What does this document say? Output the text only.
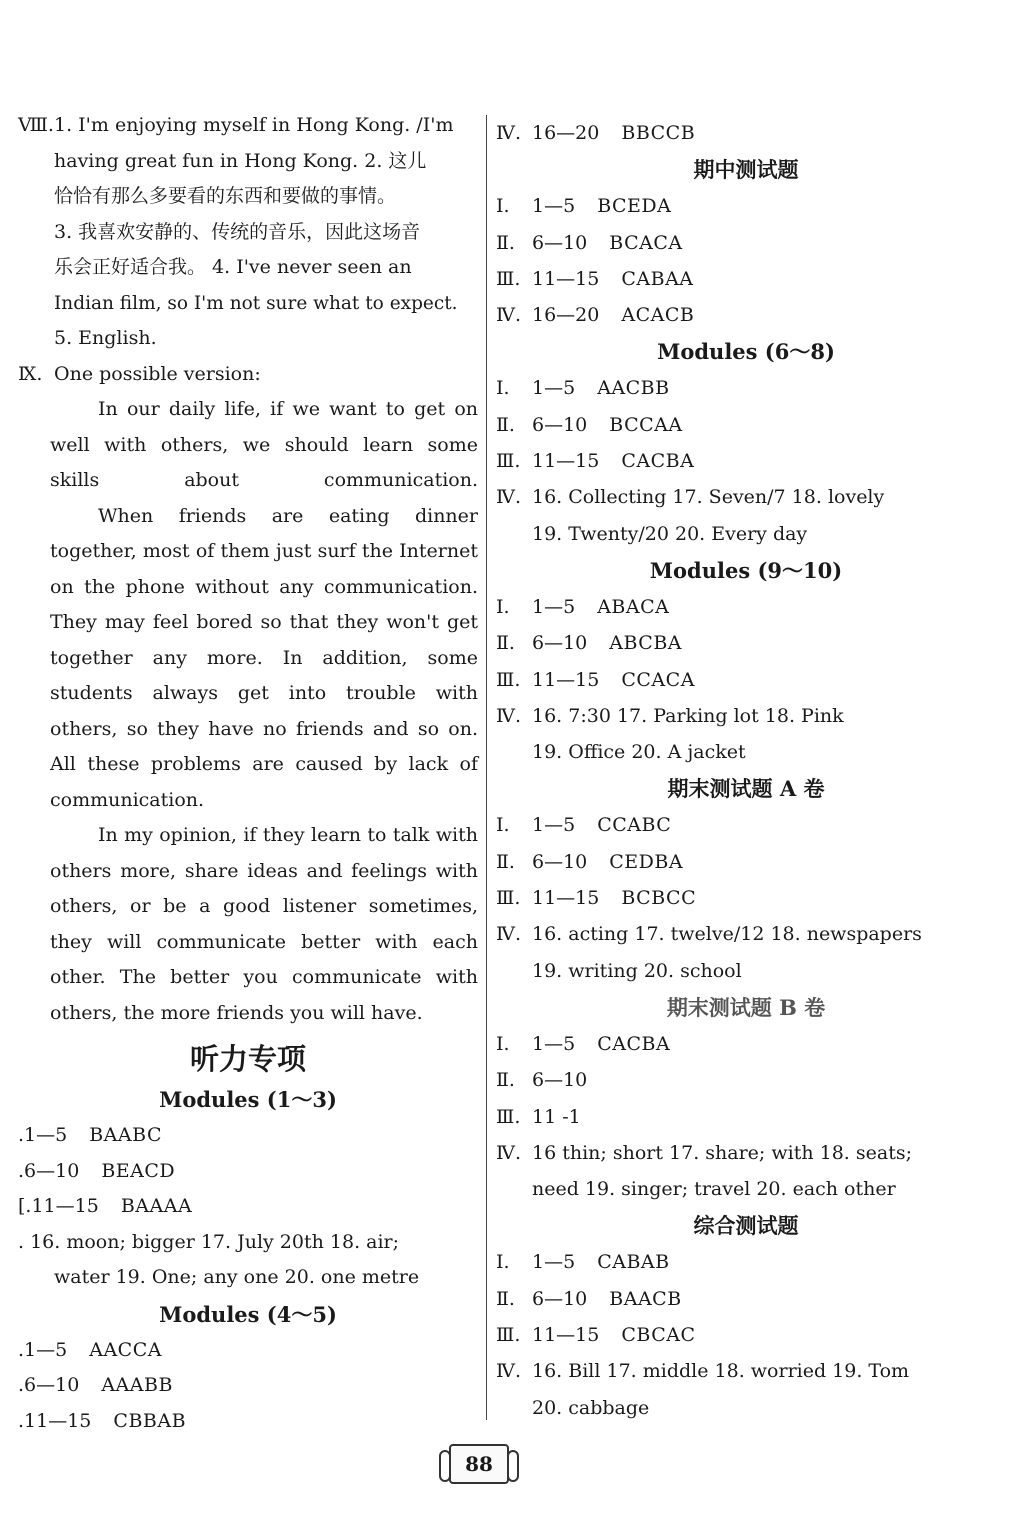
Ⅷ.1. I'm enjoying myself in Hong Kong. /I'm
having great fun in Hong Kong. 2. 这儿
恰恰有那么多要看的东西和要做的事情。
3. 我喜欢安静的、传统的音乐，因此这场音
乐会正好适合我。 4. I've never seen an
Indian film, so I'm not sure what to expect.
5. English.
Ⅸ. One possible version:
In our daily life, if we want to get on well with others, we should learn some skills about communication.
When friends are eating dinner together, most of them just surf the Internet on the phone without any communication. They may feel bored so that they won't get together any more. In addition, some students always get into trouble with others, so they have no friends and so on. All these problems are caused by lack of communication.
In my opinion, if they learn to talk with others more, share ideas and feelings with others, or be a good listener sometimes, they will communicate better with each other. The better you communicate with others, the more friends you will have.
听力专项
Modules (1～3)
.1—5 BAABC
.6—10 BEACD
[.11—15 BAAAA
. 16. moon; bigger 17. July 20th 18. air;
water 19. One; any one 20. one metre
Modules (4～5)
.1—5 AACCA
.6—10 AAABB
.11—15 CBBAB
Ⅳ. 16—20 BBCCB
期中测试题
Ⅰ. 1—5 BCEDA
Ⅱ. 6—10 BCACA
Ⅲ. 11—15 CABAA
Ⅳ. 16—20 ACACB
Modules (6～8)
Ⅰ. 1—5 AACBB
Ⅱ. 6—10 BCCAA
Ⅲ. 11—15 CACBA
Ⅳ. 16. Collecting 17. Seven/7 18. lovely
19. Twenty/20 20. Every day
Modules (9～10)
Ⅰ. 1—5 ABACA
Ⅱ. 6—10 ABCBA
Ⅲ. 11—15 CCACA
Ⅳ. 16. 7:30 17. Parking lot 18. Pink
19. Office 20. A jacket
期末测试题 A 卷
Ⅰ. 1—5 CCABC
Ⅱ. 6—10 CEDBA
Ⅲ. 11—15 BCBCC
Ⅳ. 16. acting 17. twelve/12 18. newspapers
19. writing 20. school
期末测试题 B 卷
Ⅰ. 1—5 CACBA
Ⅱ. 6—10
Ⅲ. 11 -1
Ⅳ. 16 thin; short 17. share; with 18. seats;
need 19. singer; travel 20. each other
综合测试题
Ⅰ. 1—5 CABAB
Ⅱ. 6—10 BAACB
Ⅲ. 11—15 CBCAC
Ⅳ. 16. Bill 17. middle 18. worried 19. Tom
20. cabbage
88
